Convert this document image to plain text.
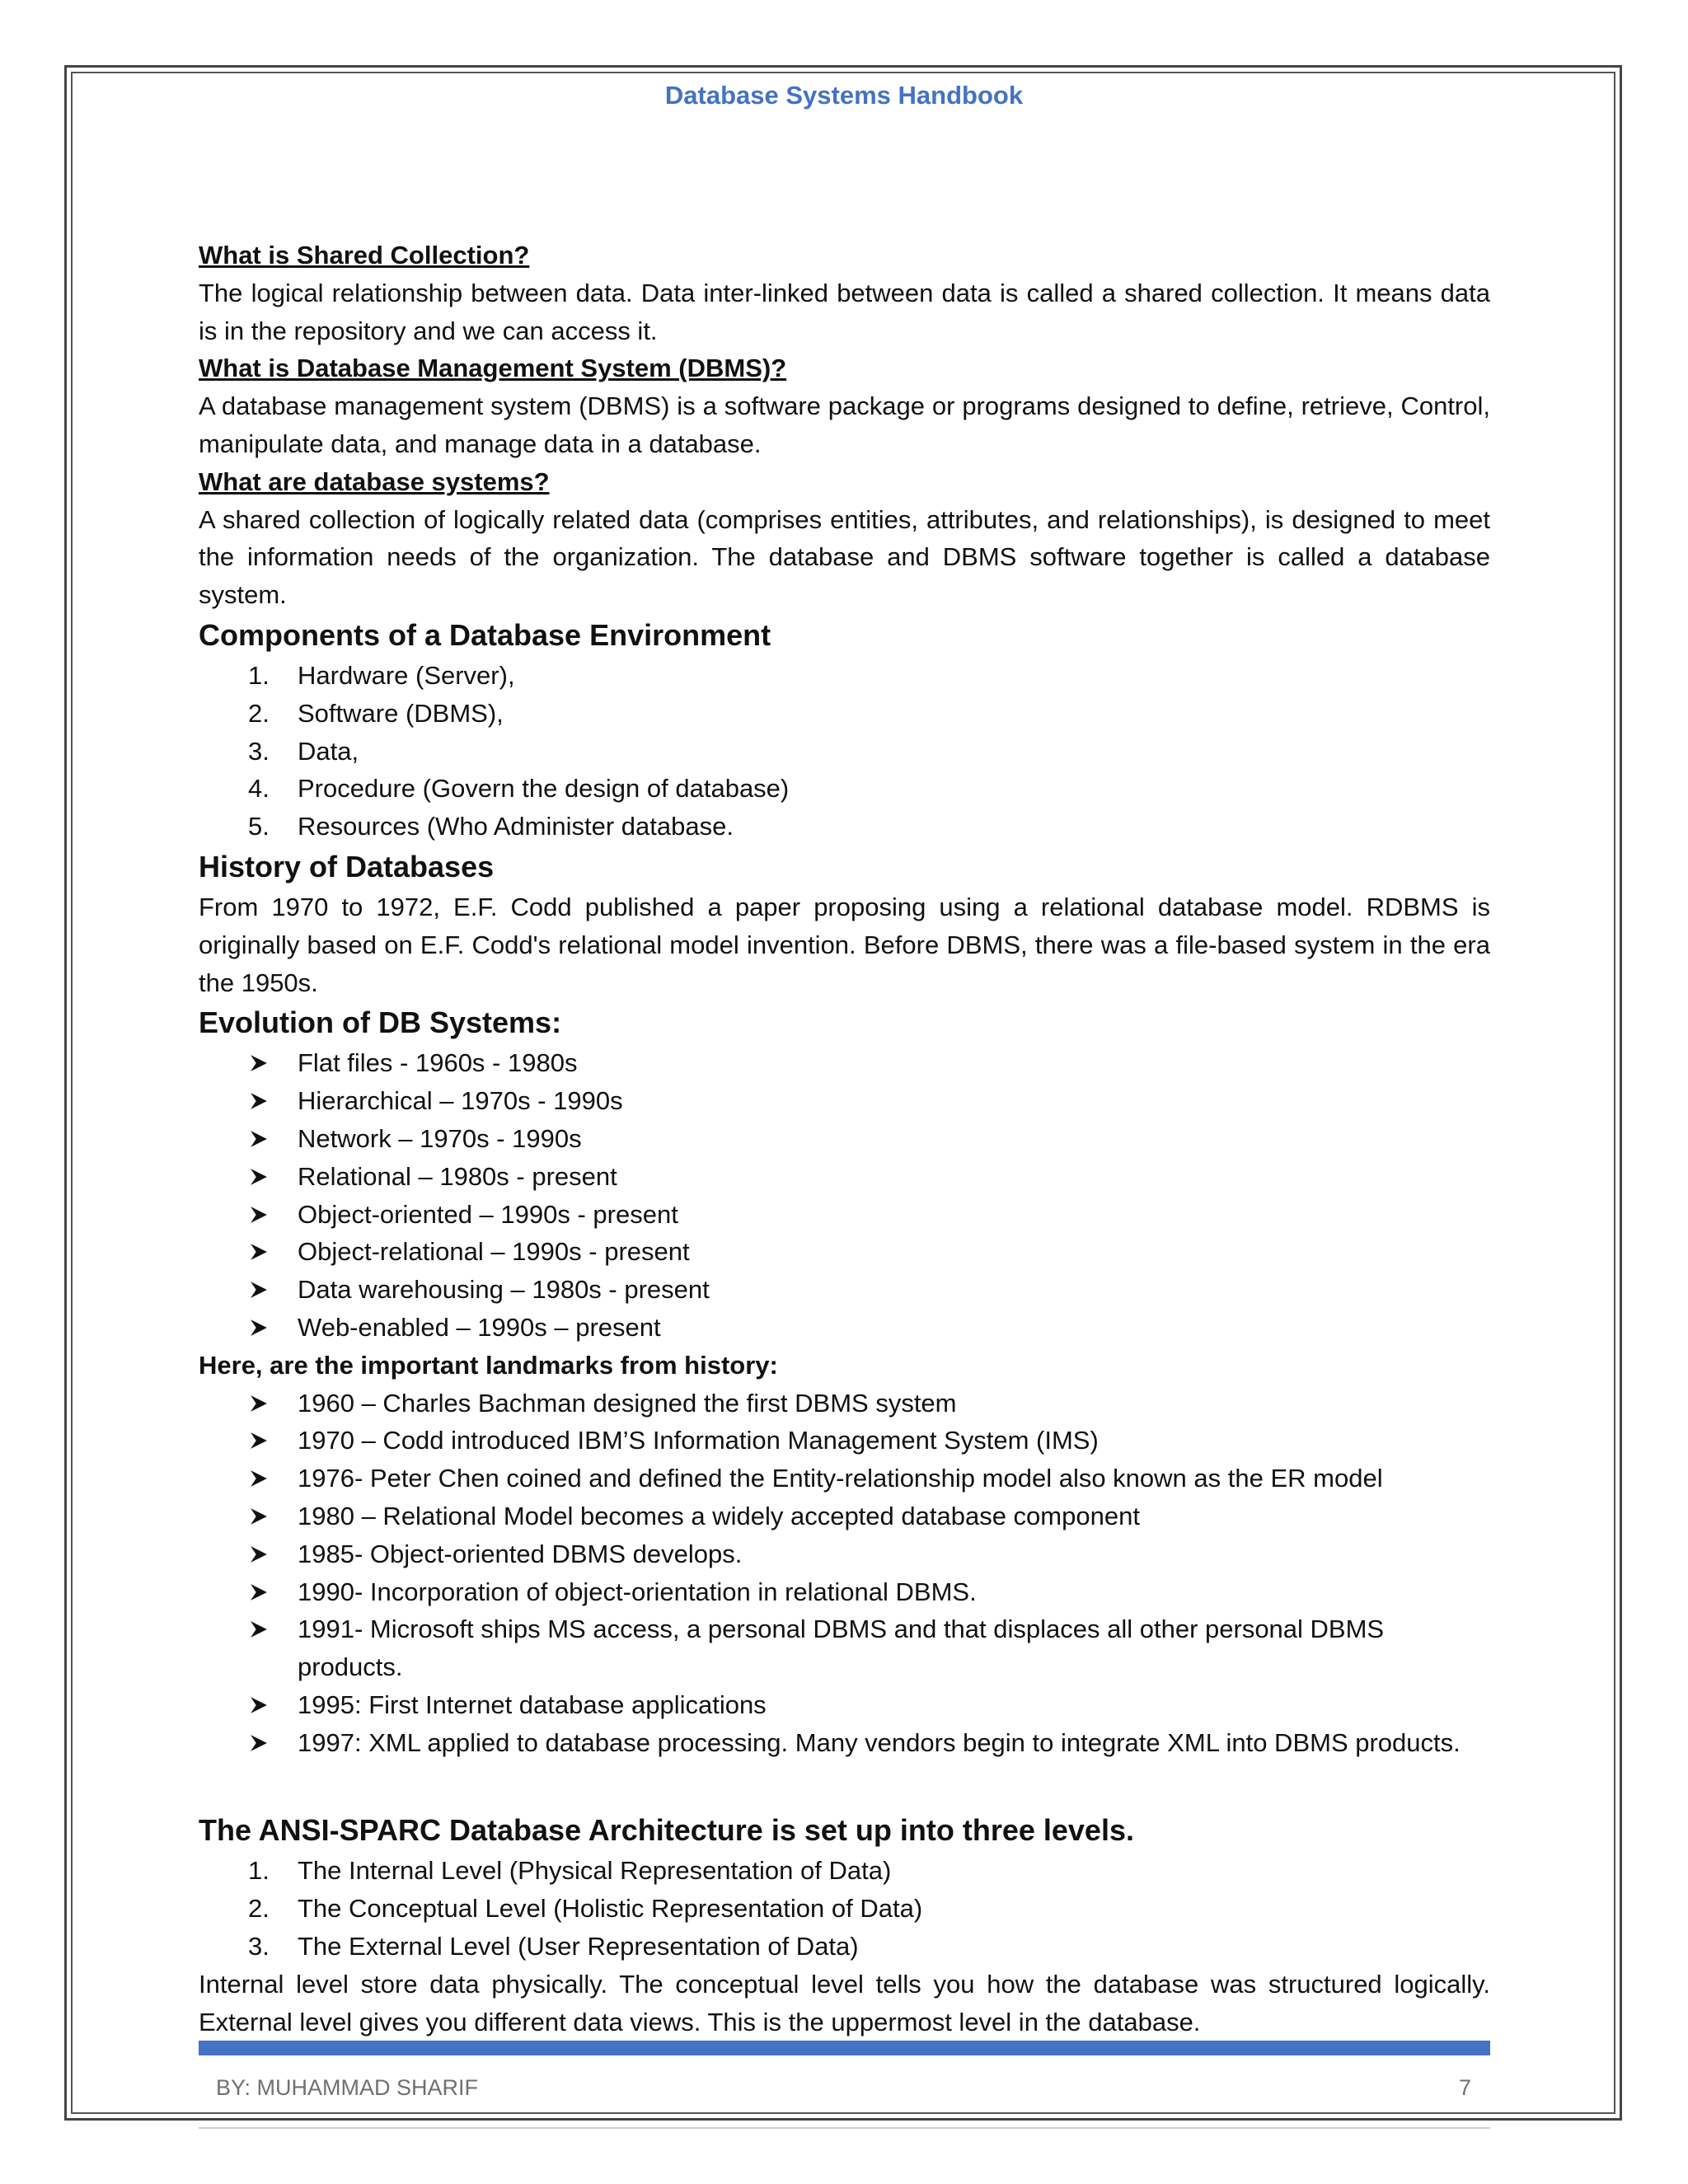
Database Systems Handbook
What is Shared Collection?
The logical relationship between data. Data inter-linked between data is called a shared collection. It means data is in the repository and we can access it.
What is Database Management System (DBMS)?
A database management system (DBMS) is a software package or programs designed to define, retrieve, Control, manipulate data, and manage data in a database.
What are database systems?
A shared collection of logically related data (comprises entities, attributes, and relationships), is designed to meet the information needs of the organization. The database and DBMS software together is called a database system.
Components of a Database Environment
1.	Hardware (Server),
2.	Software (DBMS),
3.	Data,
4.	Procedure (Govern the design of database)
5.	Resources (Who Administer database.
History of Databases
From 1970 to 1972, E.F. Codd published a paper proposing using a relational database model. RDBMS is originally based on E.F. Codd's relational model invention. Before DBMS, there was a file-based system in the era the 1950s.
Evolution of DB Systems:
Flat files - 1960s - 1980s
Hierarchical – 1970s - 1990s
Network – 1970s - 1990s
Relational – 1980s - present
Object-oriented – 1990s - present
Object-relational – 1990s - present
Data warehousing – 1980s - present
Web-enabled – 1990s – present
Here, are the important landmarks from history:
1960 – Charles Bachman designed the first DBMS system
1970 – Codd introduced IBM’S Information Management System (IMS)
1976- Peter Chen coined and defined the Entity-relationship model also known as the ER model
1980 – Relational Model becomes a widely accepted database component
1985- Object-oriented DBMS develops.
1990- Incorporation of object-orientation in relational DBMS.
1991- Microsoft ships MS access, a personal DBMS and that displaces all other personal DBMS products.
1995: First Internet database applications
1997: XML applied to database processing. Many vendors begin to integrate XML into DBMS products.
The ANSI-SPARC Database Architecture is set up into three levels.
1.	The Internal Level (Physical Representation of Data)
2.	The Conceptual Level (Holistic Representation of Data)
3.	The External Level (User Representation of Data)
Internal level store data physically. The conceptual level tells you how the database was structured logically. External level gives you different data views. This is the uppermost level in the database.
BY: MUHAMMAD SHARIF	7
